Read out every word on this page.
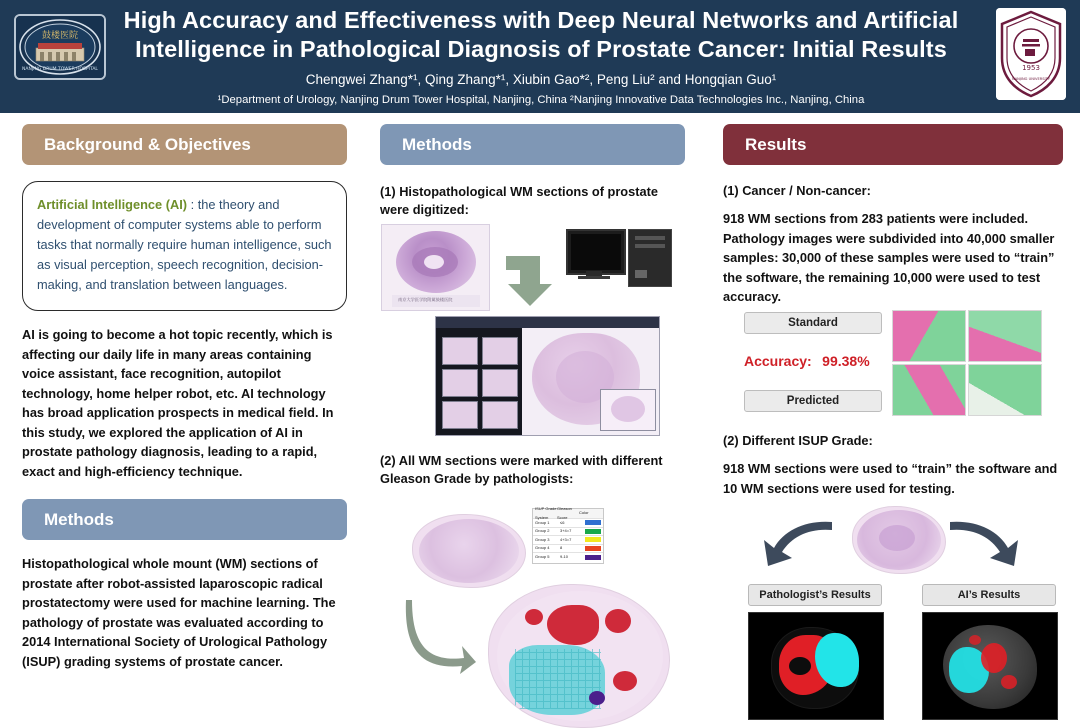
鼓楼医院
NANJING DRUM TOWER HOSPITAL
High Accuracy and Effectiveness with Deep Neural Networks and Artificial
Intelligence in Pathological Diagnosis of Prostate Cancer: Initial Results
Chengwei Zhang*¹, Qing Zhang*¹, Xiubin Gao*², Peng Liu² and Hongqian Guo¹
¹Department of Urology, Nanjing Drum Tower Hospital, Nanjing, China ²Nanjing Innovative Data Technologies Inc., Nanjing, China
1953
NANJING UNIVERSITY
Background & Objectives
Artificial Intelligence (AI) : the theory and development of computer systems able to perform tasks that normally require human intelligence, such as visual perception, speech recognition, decision-making, and translation between languages.
AI is going to become a hot topic recently, which is affecting our daily life in many areas containing voice assistant, face recognition, autopilot technology, home helper robot, etc. AI technology has broad application prospects in medical field. In this study, we explored the application of AI in prostate pathology diagnosis, leading to a rapid, exact and high-efficiency technique.
Methods
Histopathological whole mount (WM) sections of prostate after robot-assisted laparoscopic radical prostatectomy were used for machine learning. The pathology of prostate was evaluated according to 2014 International Society of Urological Pathology (ISUP) grading systems of prostate cancer.
Methods
(1) Histopathological WM sections of prostate were digitized:
南京大学医学院附属鼓楼医院
(2) All WM sections were marked with different Gleason Grade by pathologists:
ISUP Grade System
Gleason Score
Color
Group 1	≤6
Group 2	3+4=7
Group 3	4+3=7
Group 4	8
Group 5	9-10
Results
(1) Cancer / Non-cancer:
918 WM sections from 283 patients were included. Pathology images were subdivided into 40,000 smaller samples: 30,000 of these samples were used to “train” the software, the remaining 10,000 were used to test accuracy.
Standard
Accuracy: 99.38%
Predicted
(2) Different ISUP Grade:
918 WM sections were used to “train” the software and 10 WM sections were used for testing.
Pathologist’s Results	AI’s Results
